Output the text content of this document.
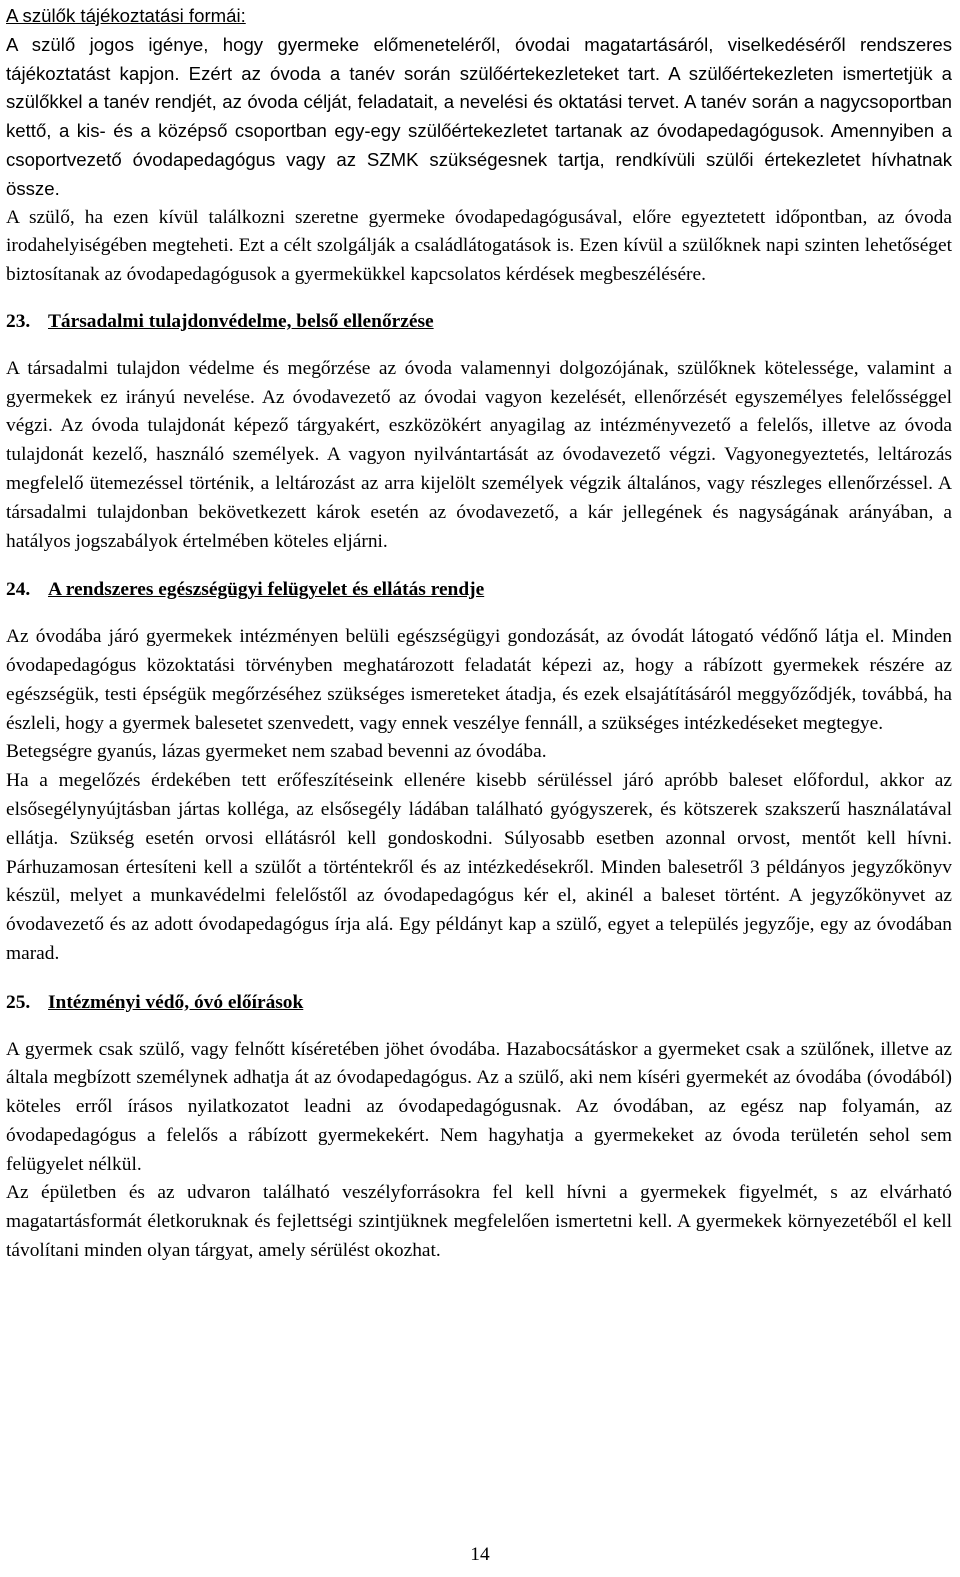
A szülők tájékoztatási formái:

A szülő jogos igénye, hogy gyermeke előmeneteléről, óvodai magatartásáról, viselkedéséről rendszeres tájékoztatást kapjon. Ezért az óvoda a tanév során szülőértekezleteket tart. A szülőértekezleten ismertetjük a szülőkkel a tanév rendjét, az óvoda célját, feladatait, a nevelési és oktatási tervet. A tanév során a nagycsoportban kettő, a kis- és a középső csoportban egy-egy szülőértekezletet tartanak az óvodapedagógusok. Amennyiben a csoportvezető óvodapedagógus vagy az SZMK szükségesnek tartja, rendkívüli szülői értekezletet hívhatnak össze.

A szülő, ha ezen kívül találkozni szeretne gyermeke óvodapedagógusával, előre egyeztetett időpontban, az óvoda irodahelyiségében megteheti. Ezt a célt szolgálják a családlátogatások is. Ezen kívül a szülőknek napi szinten lehetőséget biztosítanak az óvodapedagógusok a gyermekükkel kapcsolatos kérdések megbeszélésére.

23. Társadalmi tulajdonvédelme, belső ellenőrzése

A társadalmi tulajdon védelme és megőrzése az óvoda valamennyi dolgozójának, szülőknek kötelessége, valamint a gyermekek ez irányú nevelése. Az óvodavezető az óvodai vagyon kezelését, ellenőrzését egyszemélyes felelősséggel végzi. Az óvoda tulajdonát képező tárgyakért, eszközökért anyagilag az intézményvezető a felelős, illetve az óvoda tulajdonát kezelő, használó személyek. A vagyon nyilvántartását az óvodavezető végzi. Vagyonegyeztetés, leltározás megfelelő ütemezéssel történik, a leltározást az arra kijelölt személyek végzik általános, vagy részleges ellenőrzéssel. A társadalmi tulajdonban bekövetkezett károk esetén az óvodavezető, a kár jellegének és nagyságának arányában, a hatályos jogszabályok értelmében köteles eljárni.

24. A rendszeres egészségügyi felügyelet és ellátás rendje

Az óvodába járó gyermekek intézményen belüli egészségügyi gondozását, az óvodát látogató védőnő látja el. Minden óvodapedagógus közoktatási törvényben meghatározott feladatát képezi az, hogy a rábízott gyermekek részére az egészségük, testi épségük megőrzéséhez szükséges ismereteket átadja, és ezek elsajátításáról meggyőződjék, továbbá, ha észleli, hogy a gyermek balesetet szenvedett, vagy ennek veszélye fennáll, a szükséges intézkedéseket megtegye.

Betegségre gyanús, lázas gyermeket nem szabad bevenni az óvodába.

Ha a megelőzés érdekében tett erőfeszítéseink ellenére kisebb sérüléssel járó apróbb baleset előfordul, akkor az elsősegélynyújtásban jártas kollégа, az elsősegély ládában található gyógyszerek, és kötszerek szakszerű használatával ellátja. Szükség esetén orvosi ellátásról kell gondoskodni. Súlyosabb esetben azonnal orvost, mentőt kell hívni. Párhuzamosan értesíteni kell a szülőt a történtekről és az intézkedésekről. Minden balesetről 3 példányos jegyzőkönyv készül, melyet a munkavédelmi felelőstől az óvodapedagógus kér el, akinél a baleset történt. A jegyzőkönyvet az óvodavezető és az adott óvodapedagógus írja alá. Egy példányt kap a szülő, egyet a település jegyzője, egy az óvodában marad.

25. Intézményi védő, óvó előírások

A gyermek csak szülő, vagy felnőtt kíséretében jöhet óvodába. Hazabocsátáskor a gyermeket csak a szülőnek, illetve az általa megbízott személynek adhatja át az óvodapedagógus. Az a szülő, aki nem kíséri gyermekét az óvodába (óvodából) köteles erről írásos nyilatkozatot leadni az óvodapedagógusnak. Az óvodában, az egész nap folyamán, az óvodapedagógus a felelős a rábízott gyermekekért. Nem hagyhatja a gyermekeket az óvoda területén sehol sem felügyelet nélkül.

Az épületben és az udvaron található veszélyforrásokra fel kell hívni a gyermekek figyelmét, s az elvárható magatartásformát életkoruknak és fejlettségi szintjüknek megfelelően ismertetni kell. A gyermekek környezetéből el kell távolítani minden olyan tárgyat, amely sérülést okozhat.

14
